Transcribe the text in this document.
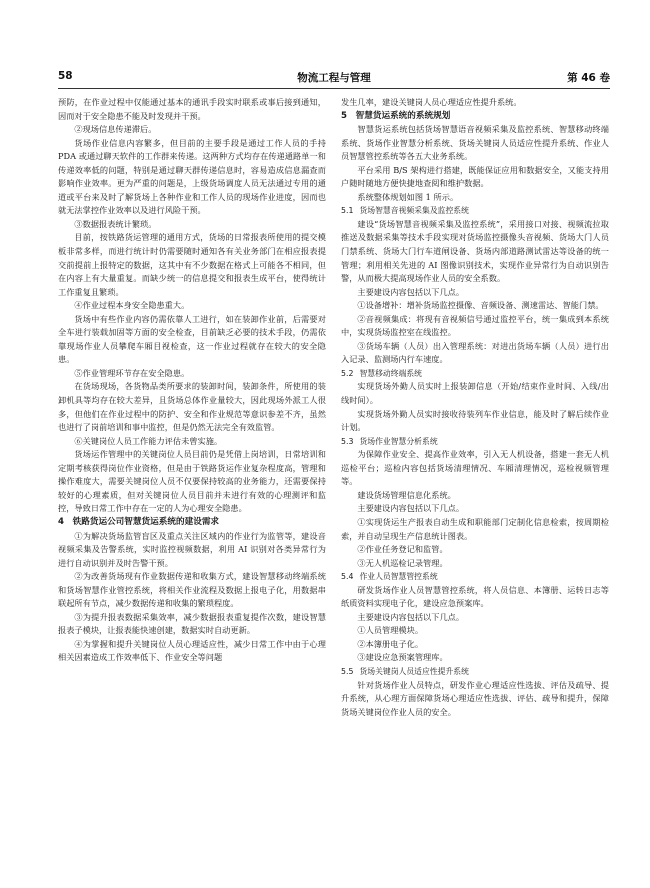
58	物流工程与管理	第 46 卷

预防，在作业过程中仅能通过基本的通讯手段实时联系或事后接到通知，因而对于安全隐患不能及时发现并干预。

②现场信息传递滞后。

货场作业信息内容繁多，但目前的主要手段是通过工作人员的手持 PDA 或通过聊天软件的工作群来传递。这两种方式均存在传递通路单一和传递效率低的问题，特别是通过聊天群传递信息时，容易造成信息漏查而影响作业效率。更为严重的问题是，上级货场调度人员无法通过专用的通道或平台来及时了解货场上各种作业和工作人员的现场作业进度，因而也就无法掌控作业效率以及进行风险干预。

③数据报表统计繁琐。

目前，按铁路货运管理的通用方式，货场的日常报表所使用的提交模板非常多样，而进行统计时仍需要随时通知各有关业务部门在相应报表提交前提前上报特定的数据，这其中有不少数据在格式上可能各不相同，但在内容上有大量重复。而缺少统一的信息提交和报表生成平台，使得统计工作重复且繁琐。

④作业过程本身安全隐患重大。

货场中有些作业内容仍需依靠人工进行，如在装卸作业前，后需要对全车进行装载加固等方面的安全检查，目前缺乏必要的技术手段，仍需依靠现场作业人员攀爬车厢目视检查，这一作业过程就存在较大的安全隐患。

⑤作业管理环节存在安全隐患。

在货场现场，各货物品类所要求的装卸时间，装卸条件，所使用的装卸机具等均存在较大差异，且货场总体作业量较大，因此现场外派工人很多，但他们在作业过程中的防护、安全和作业规范等意识参差不齐，虽然也进行了岗前培训和事中监控，但是仍然无法完全有效监管。

⑥关键岗位人员工作能力评估未曾实施。

货场运作管理中的关键岗位人员目前仍是凭借上岗培训，日常培训和定期考核获得岗位作业资格，但是由于铁路货运作业复杂程度高，管理和操作难度大，需要关键岗位人员不仅要保持较高的业务能力，还需要保持较好的心理素质，但对关键岗位人员目前并未进行有效的心理测评和监控，导致日常工作中存在一定的人为心理安全隐患。

4　铁路货运公司智慧货运系统的建设需求

①为解决货场监管盲区及重点关注区域内的作业行为监管等，建设音视频采集及告警系统，实时监控视频数据，利用 AI 识别对各类异常行为进行自动识别并及时告警干预。

②为改善货场现有作业数据传递和收集方式，建设智慧移动终端系统和货场智慧作业管控系统，将相关作业流程及数据上报电子化，用数据串联起所有节点，减少数据传递和收集的繁琐程度。

③为提升报表数据采集效率，减少数据报表重复提作次数，建设智慧报表子模块，让报表能快速创建，数据实时自动更新。

④为掌握和提升关键岗位人员心理适应性，减少日常工作中由于心理相关因素造成工作效率低下、作业安全等问题

发生几率，建设关键岗人员心理适应性提升系统。

5　智慧货运系统的系统规划

智慧货运系统包括货场智慧语音视频采集及监控系统、智慧移动终端系统、货场作业智慧分析系统、货场关键岗人员适应性提升系统、作业人员智慧管控系统等各五大业务系统。

平台采用 B/S 架构进行搭建，既能保证应用和数据安全，又能支持用户随时随地方便快捷地查阅和维护数据。

系统整体规划如图 1 所示。

5.1 货场智慧音视频采集及监控系统

建设“货场智慧音视频采集及监控系统”，采用接口对接、视频流拉取推送及数据采集等技术手段实现对货场监控摄像头音视频、货场大门人员门禁系统、货场大门行车道闸设备、货场内部道路测试雷达等设备的统一管理；利用相关先进的 AI 图像识别技术，实现作业异常行为自动识别告警，从而极大提高现场作业人员的安全系数。

主要建设内容包括以下几点。

①设备增补：增补货场监控摄像、音频设备、测速雷达、智能门禁。

②音视频集成：将现有音视频信号通过监控平台，统一集成到本系统中，实现货场监控室在线监控。

③货场车辆（人员）出入管理系统：对进出货场车辆（人员）进行出入记录、监测场内行车速度。

5.2 智慧移动终端系统

实现货场外勤人员实时上报装卸信息（开始/结束作业时间、入线/出线时间）。

实现货场外勤人员实时接收待装列车作业信息，能及时了解后续作业计划。

5.3 货场作业智慧分析系统

为保障作业安全、提高作业效率，引入无人机设备，搭建一套无人机巡检平台；巡检内容包括货场清理情况、车厢清理情况，巡检视频管理等。

建设货场管理信息化系统。

主要建设内容包括以下几点。

①实现货运生产报表自动生成和职能部门定制化信息检索，按周期检索，并自动呈现生产信息统计图表。

②作业任务登记和监管。

③无人机巡检记录管理。

5.4 作业人员智慧管控系统

研发货场作业人员智慧管控系统，将人员信息、本簿册、运转日志等纸质资料实现电子化，建设应急预案库。

主要建设内容包括以下几点。

①人员管理模块。

②本簿册电子化。

③建设应急预案管理库。

5.5 货场关键岗人员适应性提升系统

针对货场作业人员特点，研发作业心理适应性选拔、评估及疏导、提升系统，从心理方面保障货场心理适应性选拔、评估、疏导和提升，保障货场关键岗位作业人员的安全。
